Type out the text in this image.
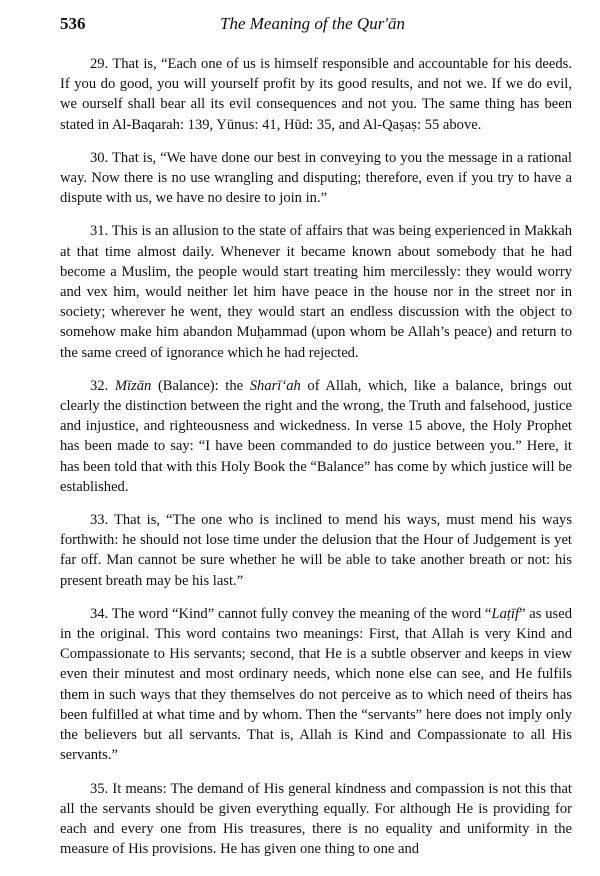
536	The Meaning of the Qur'ān

29. That is, “Each one of us is himself responsible and accountable for his deeds. If you do good, you will yourself profit by its good results, and not we. If we do evil, we ourself shall bear all its evil consequences and not you. The same thing has been stated in Al-Baqarah: 139, Yūnus: 41, Hūd: 35, and Al-Qaṣaṣ: 55 above.

30. That is, “We have done our best in conveying to you the message in a rational way. Now there is no use wrangling and disputing; therefore, even if you try to have a dispute with us, we have no desire to join in.”

31. This is an allusion to the state of affairs that was being experienced in Makkah at that time almost daily. Whenever it became known about somebody that he had become a Muslim, the people would start treating him mercilessly: they would worry and vex him, would neither let him have peace in the house nor in the street nor in society; wherever he went, they would start an endless discussion with the object to somehow make him abandon Muḥammad (upon whom be Allah’s peace) and return to the same creed of ignorance which he had rejected.

32. Mīzān (Balance): the Sharī‘ah of Allah, which, like a balance, brings out clearly the distinction between the right and the wrong, the Truth and falsehood, justice and injustice, and righteousness and wickedness. In verse 15 above, the Holy Prophet has been made to say: “I have been commanded to do justice between you.” Here, it has been told that with this Holy Book the “Balance” has come by which justice will be established.

33. That is, “The one who is inclined to mend his ways, must mend his ways forthwith: he should not lose time under the delusion that the Hour of Judgement is yet far off. Man cannot be sure whether he will be able to take another breath or not: his present breath may be his last.”

34. The word “Kind” cannot fully convey the meaning of the word “Laṭīf” as used in the original. This word contains two meanings: First, that Allah is very Kind and Compassionate to His servants; second, that He is a subtle observer and keeps in view even their minutest and most ordinary needs, which none else can see, and He fulfils them in such ways that they themselves do not perceive as to which need of theirs has been fulfilled at what time and by whom. Then the “servants” here does not imply only the believers but all servants. That is, Allah is Kind and Compassionate to all His servants.”

35. It means: The demand of His general kindness and compassion is not this that all the servants should be given everything equally. For although He is providing for each and every one from His treasures, there is no equality and uniformity in the measure of His provisions. He has given one thing to one and
